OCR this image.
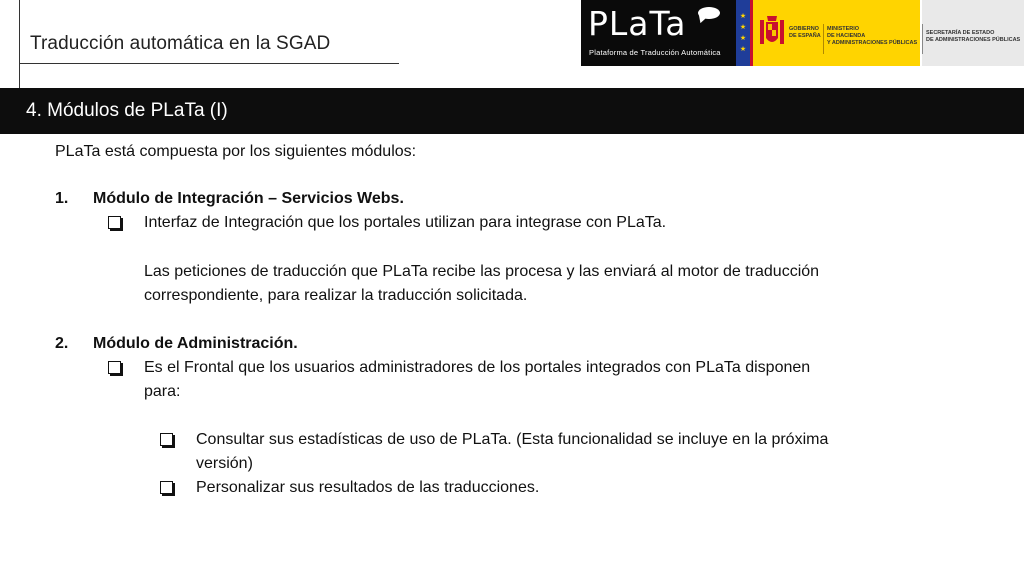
Traducción automática en la SGAD
PLaTa
Plataforma de Traducción Automática

★
★
★
★
GOBIERNO
DE ESPAÑA
MINISTERIO
DE HACIENDA
Y ADMINISTRACIONES PÚBLICAS
SECRETARÍA DE ESTADO
DE ADMINISTRACIONES PÚBLICAS
4. Módulos de PLaTa (I)
PLaTa está compuesta por los siguientes módulos:
1. Módulo de Integración – Servicios Webs.
Interfaz de Integración que los portales utilizan para integrase con PLaTa.
Las peticiones de traducción que PLaTa recibe las procesa y las enviará al motor de traducción
correspondiente, para realizar la traducción solicitada.
2. Módulo de Administración.
Es el Frontal que los usuarios administradores de los portales integrados con PLaTa disponen
para:
Consultar sus estadísticas de uso de PLaTa. (Esta funcionalidad se incluye en la próxima
versión)
Personalizar sus resultados de las traducciones.
